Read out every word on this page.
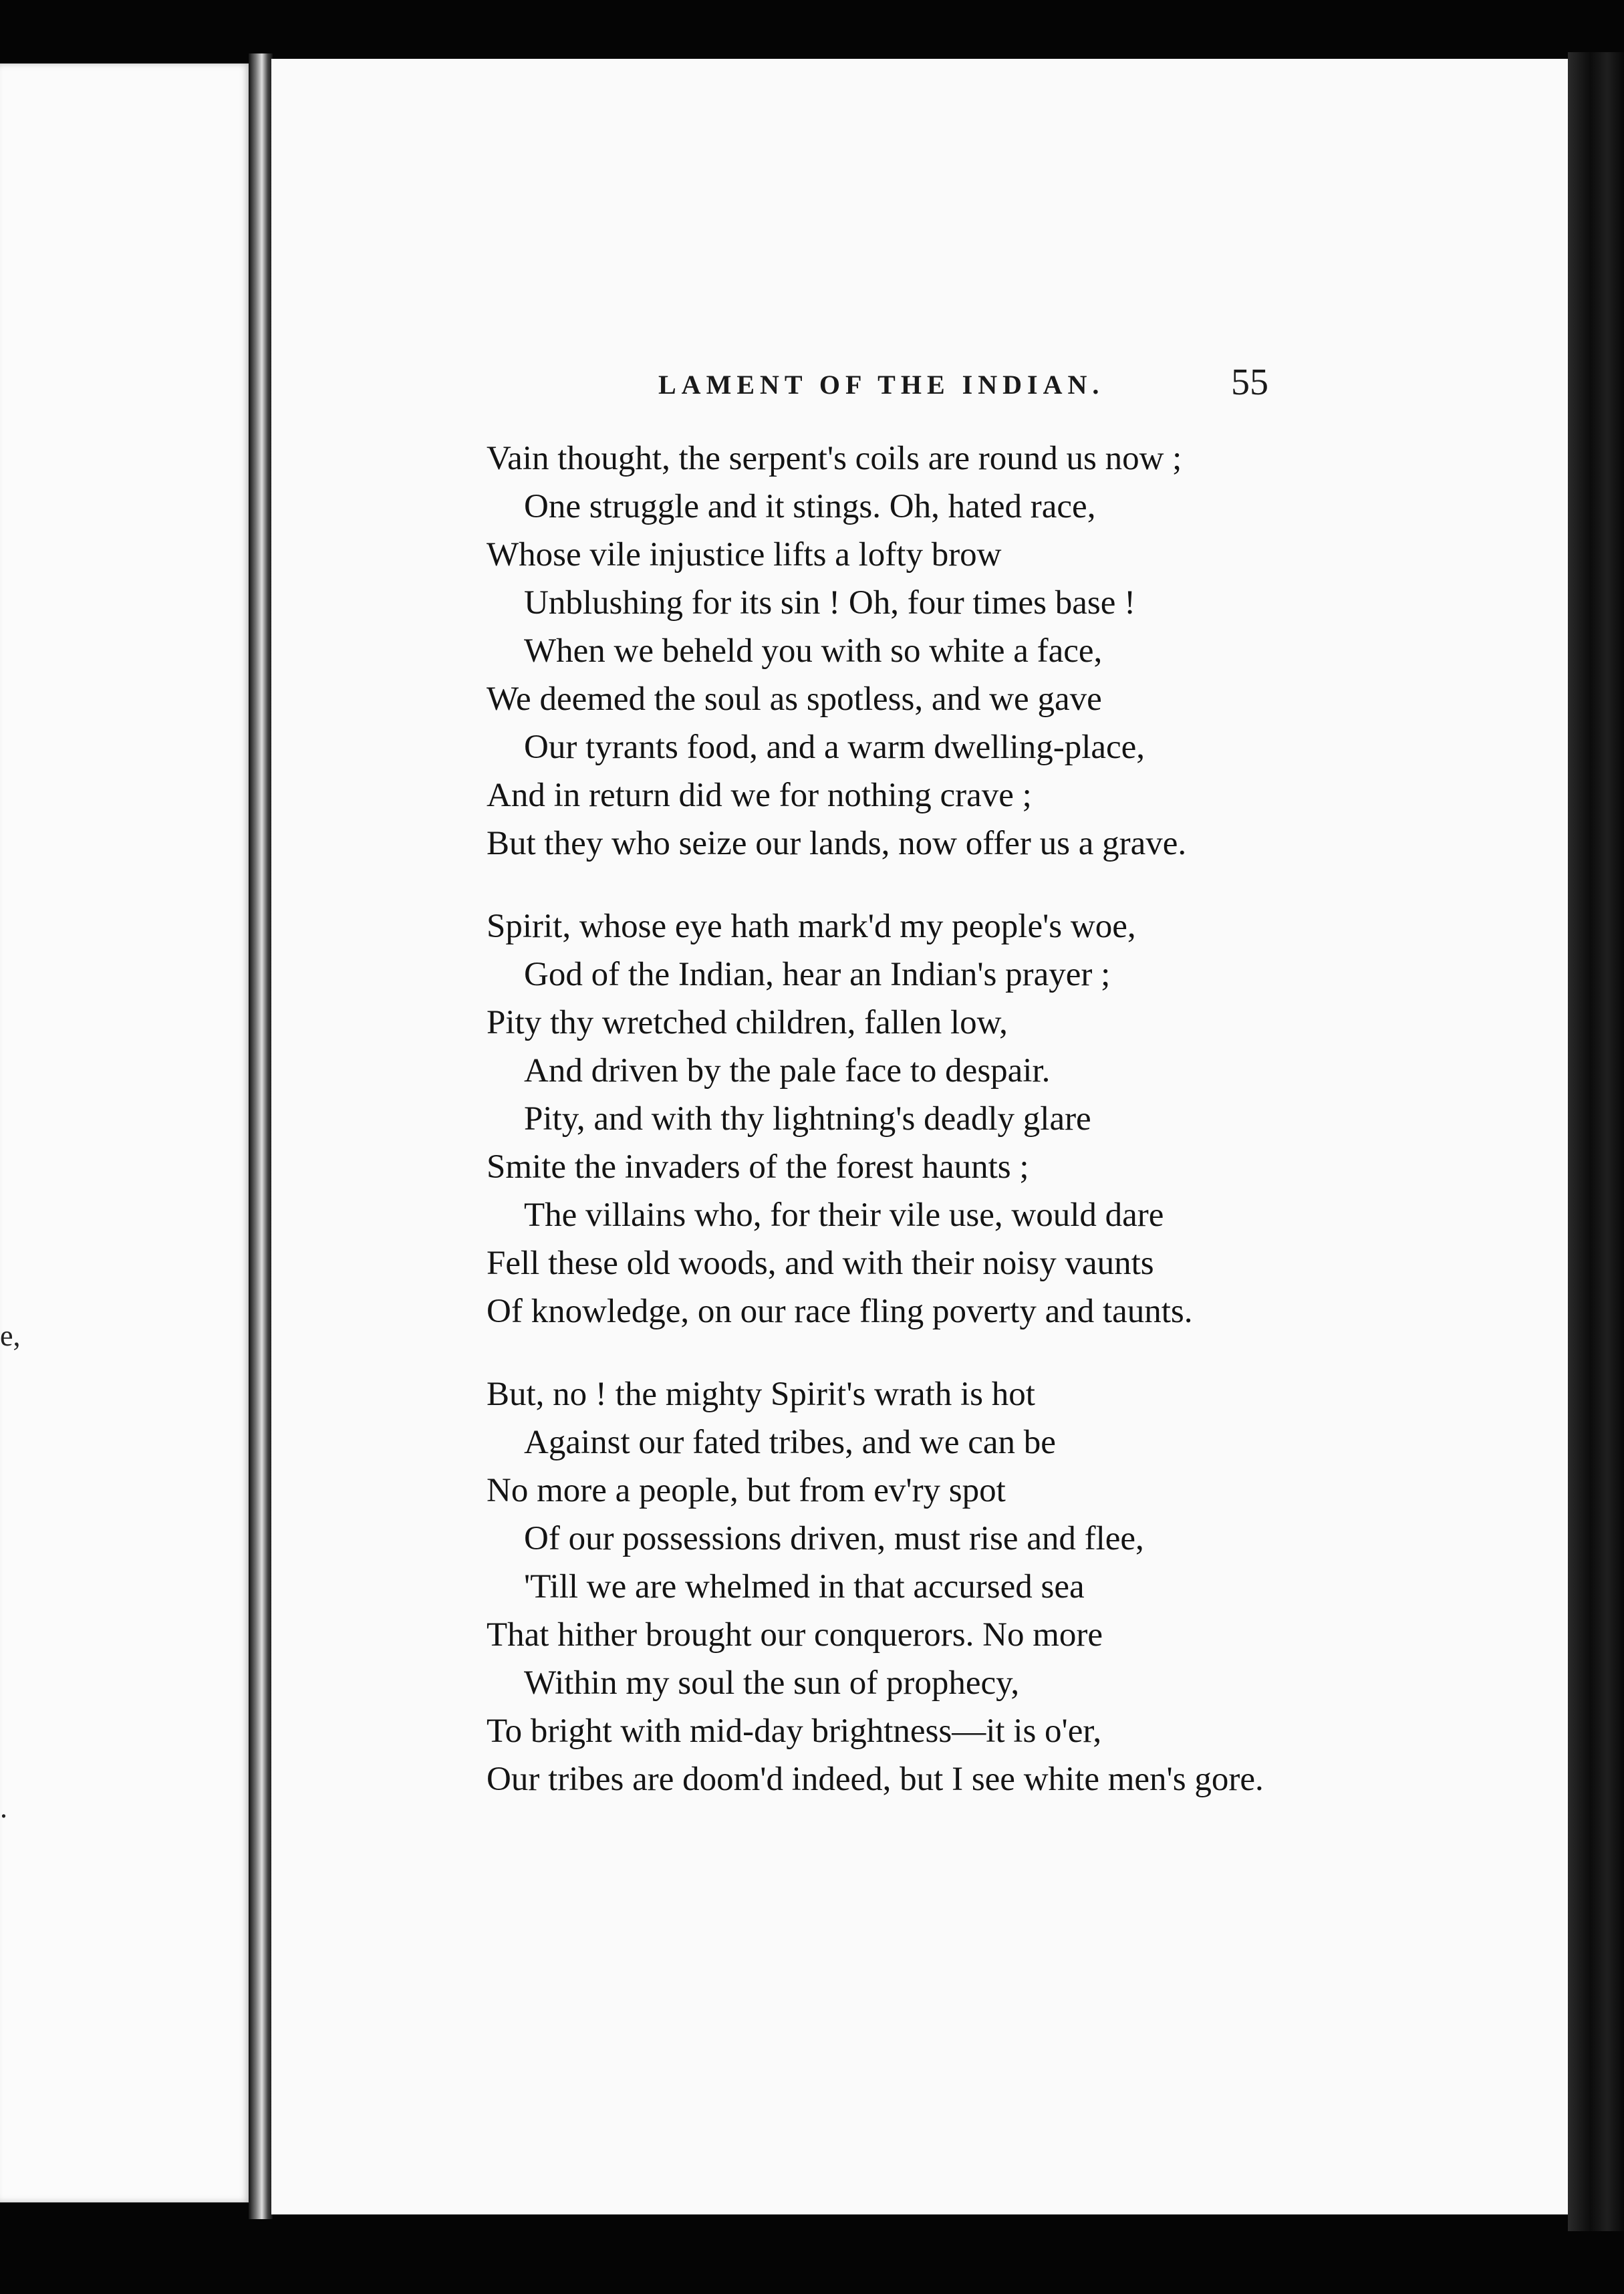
e,
.
LAMENT OF THE INDIAN.	55
Vain thought, the serpent's coils are round us now ;
One struggle and it stings. Oh, hated race,
Whose vile injustice lifts a lofty brow
Unblushing for its sin ! Oh, four times base !
When we beheld you with so white a face,
We deemed the soul as spotless, and we gave
Our tyrants food, and a warm dwelling-place,
And in return did we for nothing crave ;
But they who seize our lands, now offer us a grave.
Spirit, whose eye hath mark'd my people's woe,
God of the Indian, hear an Indian's prayer ;
Pity thy wretched children, fallen low,
And driven by the pale face to despair.
Pity, and with thy lightning's deadly glare
Smite the invaders of the forest haunts ;
The villains who, for their vile use, would dare
Fell these old woods, and with their noisy vaunts
Of knowledge, on our race fling poverty and taunts.
But, no ! the mighty Spirit's wrath is hot
Against our fated tribes, and we can be
No more a people, but from ev'ry spot
Of our possessions driven, must rise and flee,
'Till we are whelmed in that accursed sea
That hither brought our conquerors. No more
Within my soul the sun of prophecy,
To bright with mid-day brightness—it is o'er,
Our tribes are doom'd indeed, but I see white men's gore.
